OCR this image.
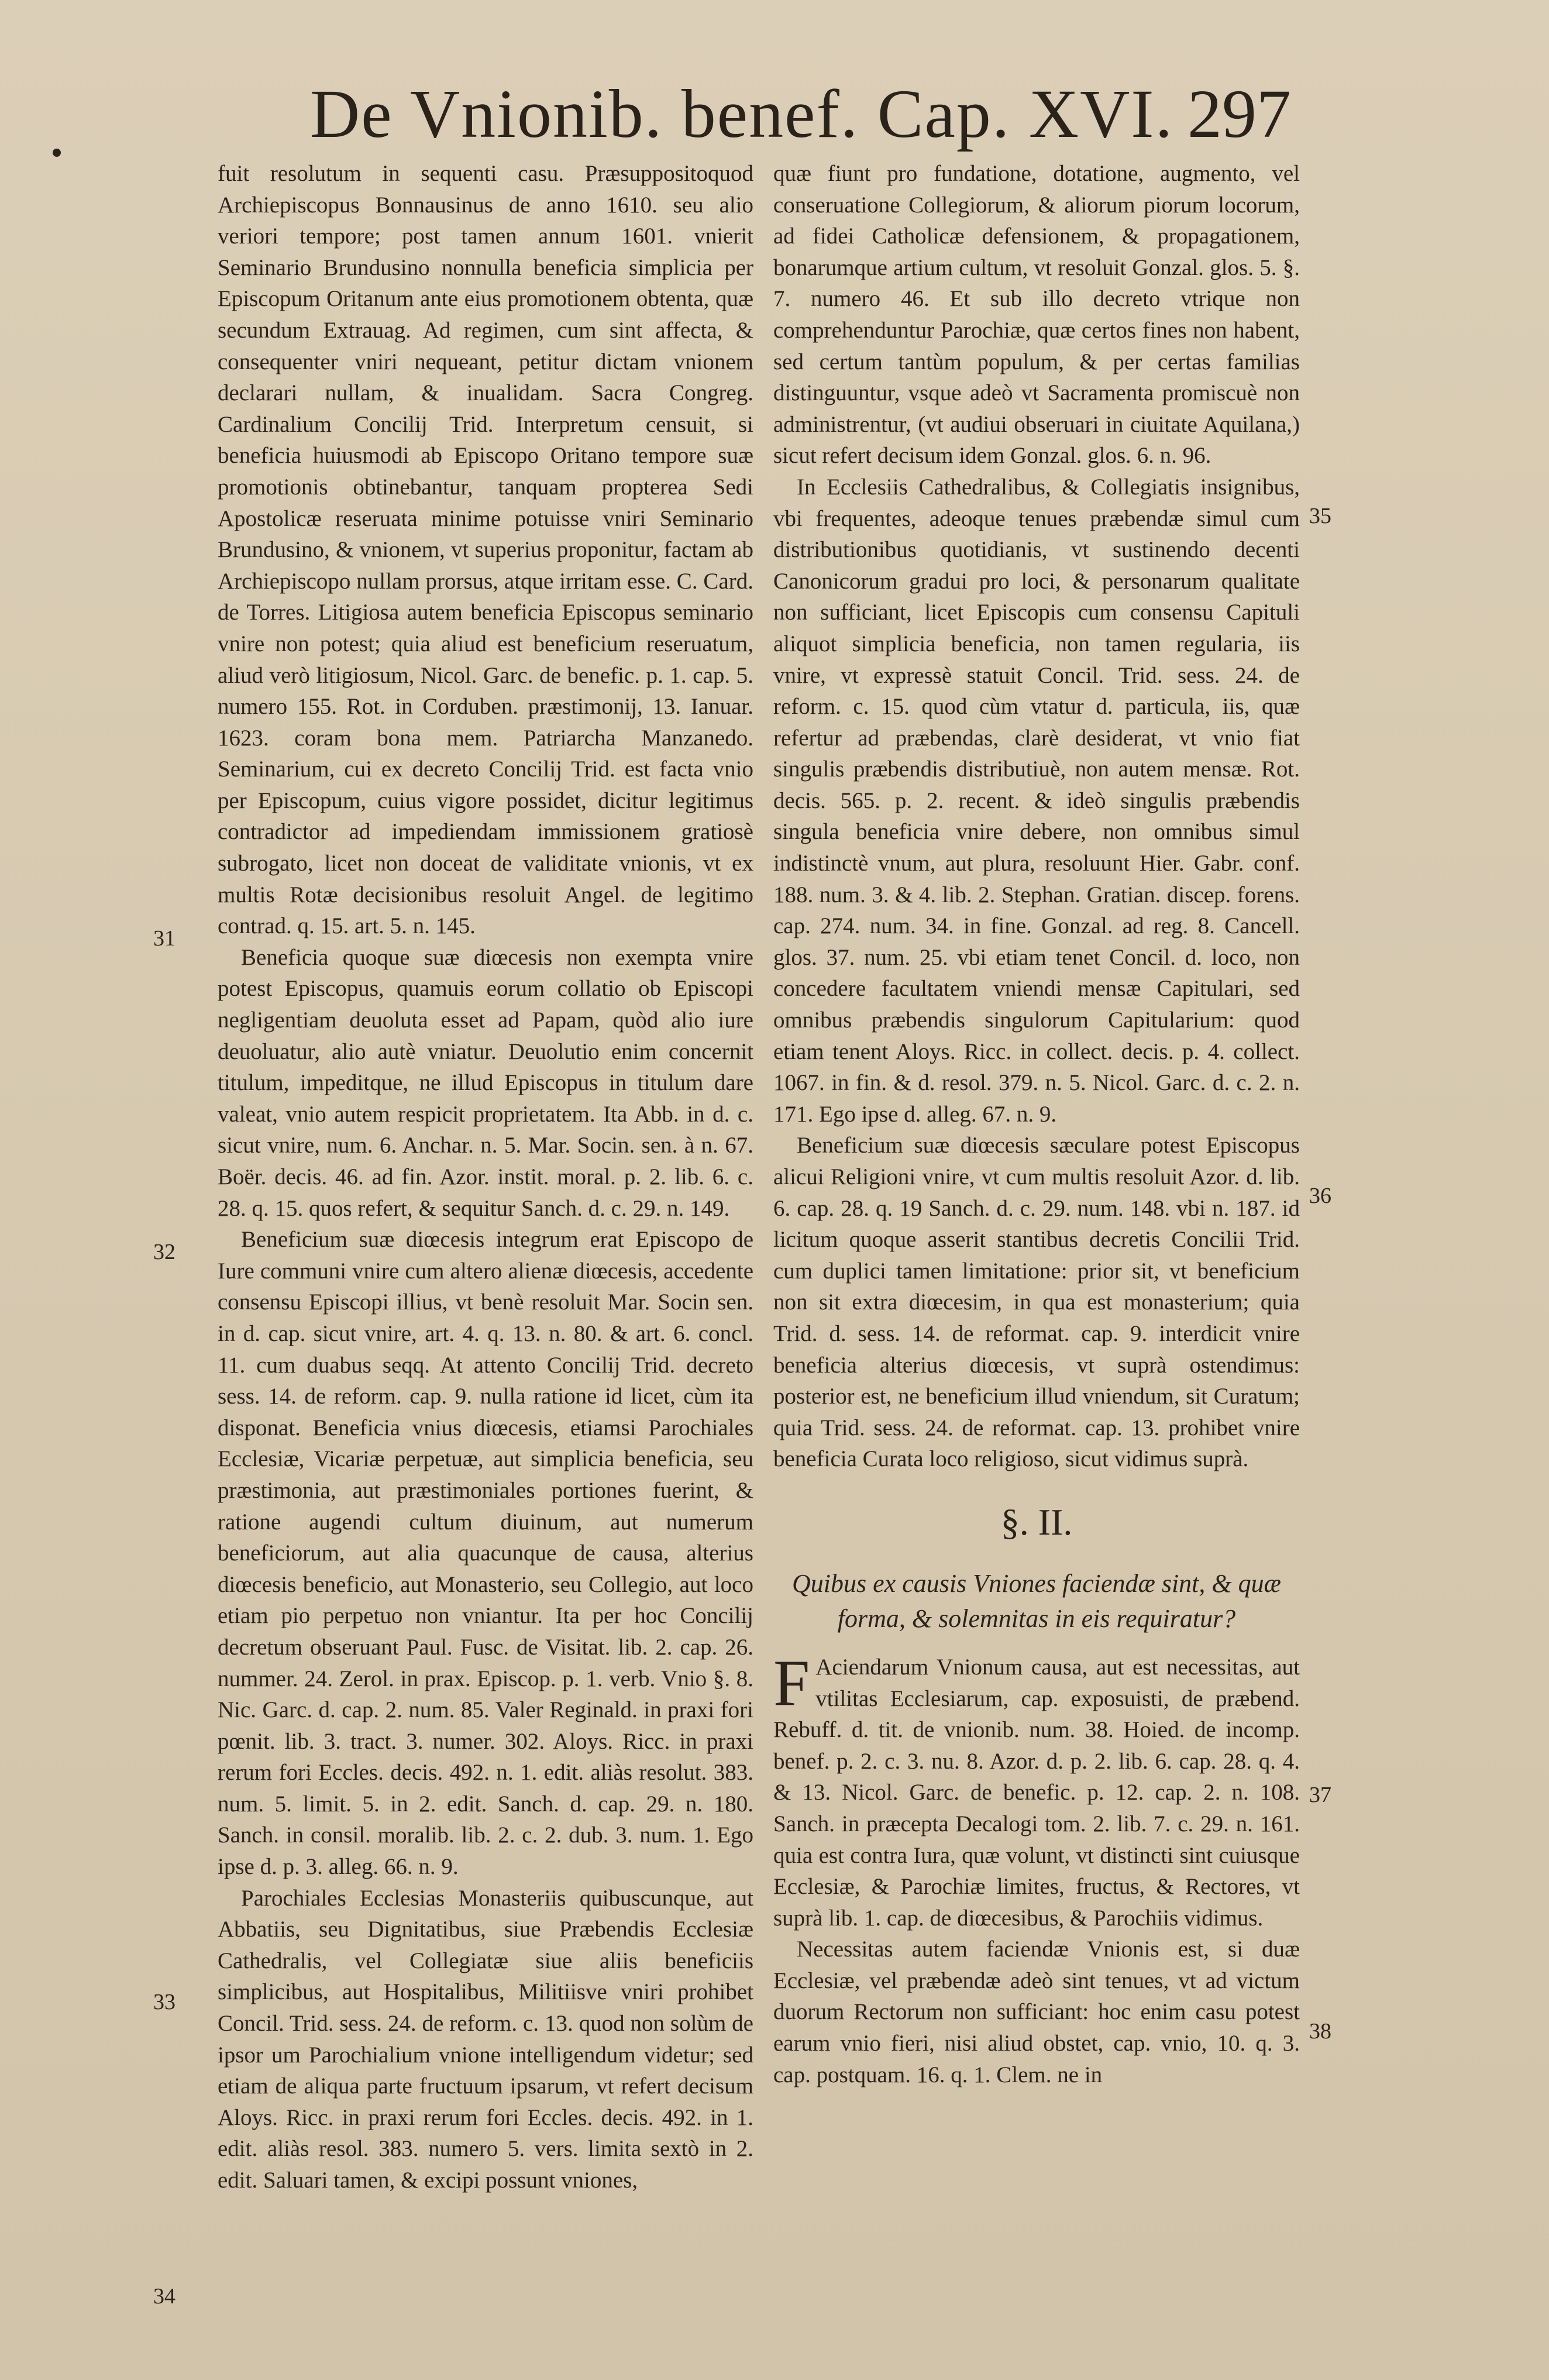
De Vnionib. benef. Cap. XVI. 297

fuit resolutum in sequenti casu. Præsuppositoquod Archiepiscopus Bonnausinus de anno 1610. seu alio veriori tempore; post tamen annum 1601. vnierit Seminario Brundusino nonnulla beneficia simplicia per Episcopum Oritanum ante eius promotionem obtenta, quæ secundum Extrauag. Ad regimen, cum sint affecta, & consequenter vniri nequeant, petitur dictam vnionem declarari nullam, & inualidam. Sacra Congreg. Cardinalium Concilij Trid. Interpretum censuit, si beneficia huiusmodi ab Episcopo Oritano tempore suæ promotionis obtinebantur, tanquam propterea Sedi Apostolicæ reseruata minime potuisse vniri Seminario Brundusino, & vnionem, vt superius proponitur, factam ab Archiepiscopo nullam prorsus, atque irritam esse. C. Card. de Torres. Litigiosa autem beneficia Episcopus seminario vnire non potest; quia aliud est beneficium reseruatum, aliud verò litigiosum, Nicol. Garc. de benefic. p. 1. cap. 5. numero 155. Rot. in Corduben. præstimonij, 13. Ianuar. 1623. coram bona mem. Patriarcha Manzanedo. Seminarium, cui ex decreto Concilij Trid. est facta vnio per Episcopum, cuius vigore possidet, dicitur legitimus contradictor ad impediendam immissionem gratiosè subrogato, licet non doceat de validitate vnionis, vt ex multis Rotæ decisionibus resoluit Angel. de legitimo contrad. q. 15. art. 5. n. 145.

Beneficia quoque suæ diœcesis non exempta vnire potest Episcopus, quamuis eorum collatio ob Episcopi negligentiam deuoluta esset ad Papam, quòd alio iure deuoluatur, alio autè vniatur. Deuolutio enim concernit titulum, impeditque, ne illud Episcopus in titulum dare valeat, vnio autem respicit proprietatem. Ita Abb. in d. c. sicut vnire, num. 6. Anchar. n. 5. Mar. Socin. sen. à n. 67. Boër. decis. 46. ad fin. Azor. instit. moral. p. 2. lib. 6. c. 28. q. 15. quos refert, & sequitur Sanch. d. c. 29. n. 149.

Beneficium suæ diœcesis integrum erat Episcopo de Iure communi vnire cum altero alienæ diœcesis, accedente consensu Episcopi illius, vt benè resoluit Mar. Socin sen. in d. cap. sicut vnire, art. 4. q. 13. n. 80. & art. 6. concl. 11. cum duabus seqq. At attento Concilij Trid. decreto sess. 14. de reform. cap. 9. nulla ratione id licet, cùm ita disponat. Beneficia vnius diœcesis, etiamsi Parochiales Ecclesiæ, Vicariæ perpetuæ, aut simplicia beneficia, seu præstimonia, aut præstimoniales portiones fuerint, & ratione augendi cultum diuinum, aut numerum beneficiorum, aut alia quacunque de causa, alterius diœcesis beneficio, aut Monasterio, seu Collegio, aut loco etiam pio perpetuo non vniantur. Ita per hoc Concilij decretum obseruant Paul. Fusc. de Visitat. lib. 2. cap. 26. nummer. 24. Zerol. in prax. Episcop. p. 1. verb. Vnio §. 8. Nic. Garc. d. cap. 2. num. 85. Valer Reginald. in praxi fori pœnit. lib. 3. tract. 3. numer. 302. Aloys. Ricc. in praxi rerum fori Eccles. decis. 492. n. 1. edit. aliàs resolut. 383. num. 5. limit. 5. in 2. edit. Sanch. d. cap. 29. n. 180. Sanch. in consil. moralib. lib. 2. c. 2. dub. 3. num. 1. Ego ipse d. p. 3. alleg. 66. n. 9.

Parochiales Ecclesias Monasteriis quibuscunque, aut Abbatiis, seu Dignitatibus, siue Præbendis Ecclesiæ Cathedralis, vel Collegiatæ siue aliis beneficiis simplicibus, aut Hospitalibus, Militiisve vniri prohibet Concil. Trid. sess. 24. de reform. c. 13. quod non solùm de ipsor um Parochialium vnione intelligendum videtur; sed etiam de aliqua parte fructuum ipsarum, vt refert decisum Aloys. Ricc. in praxi rerum fori Eccles. decis. 492. in 1. edit. aliàs resol. 383. numero 5. vers. limita sextò in 2. edit. Saluari tamen, & excipi possunt vniones,

quæ fiunt pro fundatione, dotatione, augmento, vel conseruatione Collegiorum, & aliorum piorum locorum, ad fidei Catholicæ defensionem, & propagationem, bonarumque artium cultum, vt resoluit Gonzal. glos. 5. §. 7. numero 46. Et sub illo decreto vtrique non comprehenduntur Parochiæ, quæ certos fines non habent, sed certum tantùm populum, & per certas familias distinguuntur, vsque adeò vt Sacramenta promiscuè non administrentur, (vt audiui obseruari in ciuitate Aquilana,) sicut refert decisum idem Gonzal. glos. 6. n. 96.

In Ecclesiis Cathedralibus, & Collegiatis insignibus, vbi frequentes, adeoque tenues præbendæ simul cum distributionibus quotidianis, vt sustinendo decenti Canonicorum gradui pro loci, & personarum qualitate non sufficiant, licet Episcopis cum consensu Capituli aliquot simplicia beneficia, non tamen regularia, iis vnire, vt expressè statuit Concil. Trid. sess. 24. de reform. c. 15. quod cùm vtatur d. particula, iis, quæ refertur ad præbendas, clarè desiderat, vt vnio fiat singulis præbendis distributiuè, non autem mensæ. Rot. decis. 565. p. 2. recent. & ideò singulis præbendis singula beneficia vnire debere, non omnibus simul indistinctè vnum, aut plura, resoluunt Hier. Gabr. conf. 188. num. 3. & 4. lib. 2. Stephan. Gratian. discep. forens. cap. 274. num. 34. in fine. Gonzal. ad reg. 8. Cancell. glos. 37. num. 25. vbi etiam tenet Concil. d. loco, non concedere facultatem vniendi mensæ Capitulari, sed omnibus præbendis singulorum Capitularium: quod etiam tenent Aloys. Ricc. in collect. decis. p. 4. collect. 1067. in fin. & d. resol. 379. n. 5. Nicol. Garc. d. c. 2. n. 171. Ego ipse d. alleg. 67. n. 9.

Beneficium suæ diœcesis sæculare potest Episcopus alicui Religioni vnire, vt cum multis resoluit Azor. d. lib. 6. cap. 28. q. 19 Sanch. d. c. 29. num. 148. vbi n. 187. id licitum quoque asserit stantibus decretis Concilii Trid. cum duplici tamen limitatione: prior sit, vt beneficium non sit extra diœcesim, in qua est monasterium; quia Trid. d. sess. 14. de reformat. cap. 9. interdicit vnire beneficia alterius diœcesis, vt suprà ostendimus: posterior est, ne beneficium illud vniendum, sit Curatum; quia Trid. sess. 24. de reformat. cap. 13. prohibet vnire beneficia Curata loco religioso, sicut vidimus suprà.

§. II.
Quibus ex causis Vniones faciendæ sint, & quæ forma, & solemnitas in eis requiratur?

F Aciendarum Vnionum causa, aut est necessitas, aut vtilitas Ecclesiarum, cap. exposuisti, de præbend. Rebuff. d. tit. de vnionib. num. 38. Hoied. de incomp. benef. p. 2. c. 3. nu. 8. Azor. d. p. 2. lib. 6. cap. 28. q. 4. & 13. Nicol. Garc. de benefic. p. 12. cap. 2. n. 108. Sanch. in præcepta Decalogi tom. 2. lib. 7. c. 29. n. 161. quia est contra Iura, quæ volunt, vt distincti sint cuiusque Ecclesiæ, & Parochiæ limites, fructus, & Rectores, vt suprà lib. 1. cap. de diœcesibus, & Parochiis vidimus.

Necessitas autem faciendæ Vnionis est, si duæ Ecclesiæ, vel præbendæ adeò sint tenues, vt ad victum duorum Rectorum non sufficiant: hoc enim casu potest earum vnio fieri, nisi aliud obstet, cap. vnio, 10. q. 3. cap. postquam. 16. q. 1. Clem. ne in

31
32
33
34
35
36
37
38
